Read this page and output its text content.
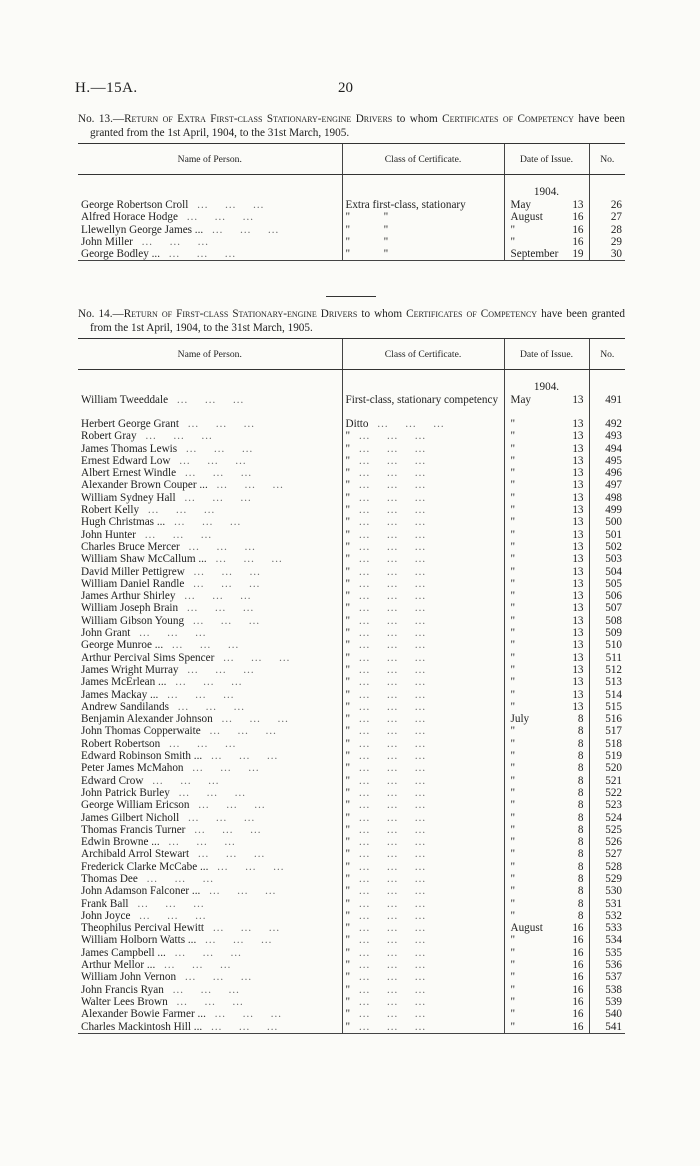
H.—15A.	20
No. 13.—Return of Extra First-class Stationary-engine Drivers to whom Certificates of Competency have been granted from the 1st April, 1904, to the 31st March, 1905.
Name of Person.	Class of Certificate.	Date of Issue.	No.

		1904.	
George Robertson Croll   …      …      …	Extra first-class, stationary	May 13	26
Alfred Horace Hodge   …      …      …	"   "	August 16	27
Llewellyn George James ...   …      …      …	"   "	" 16	28
John Miller   …      …      …	"   "	" 16	29
George Bodley ...   …      …      …	"   "	September 19	30
No. 14.—Return of First-class Stationary-engine Drivers to whom Certificates of Competency have been granted from the 1st April, 1904, to the 31st March, 1905.
Name of Person.	Class of Certificate.	Date of Issue.	No.

		1904.	
William Tweeddale   …      …      …	First-class, stationary competency	May 13	491
Herbert George Grant   …      …      …	Ditto   …      …      …	" 13	492
Robert Gray   …      …      …	"   …      …      …	" 13	493
James Thomas Lewis   …      …      …	"   …      …      …	" 13	494
Ernest Edward Low   …      …      …	"   …      …      …	" 13	495
Albert Ernest Windle   …      …      …	"   …      …      …	" 13	496
Alexander Brown Couper ...   …      …      …	"   …      …      …	" 13	497
William Sydney Hall   …      …      …	"   …      …      …	" 13	498
Robert Kelly   …      …      …	"   …      …      …	" 13	499
Hugh Christmas ...   …      …      …	"   …      …      …	" 13	500
John Hunter   …      …      …	"   …      …      …	" 13	501
Charles Bruce Mercer   …      …      …	"   …      …      …	" 13	502
William Shaw McCallum ...   …      …      …	"   …      …      …	" 13	503
David Miller Pettigrew   …      …      …	"   …      …      …	" 13	504
William Daniel Randle   …      …      …	"   …      …      …	" 13	505
James Arthur Shirley   …      …      …	"   …      …      …	" 13	506
William Joseph Brain   …      …      …	"   …      …      …	" 13	507
William Gibson Young   …      …      …	"   …      …      …	" 13	508
John Grant   …      …      …	"   …      …      …	" 13	509
George Munroe ...   …      …      …	"   …      …      …	" 13	510
Arthur Percival Sims Spencer   …      …      …	"   …      …      …	" 13	511
James Wright Murray   …      …      …	"   …      …      …	" 13	512
James McErlean ...   …      …      …	"   …      …      …	" 13	513
James Mackay ...   …      …      …	"   …      …      …	" 13	514
Andrew Sandilands   …      …      …	"   …      …      …	" 13	515
Benjamin Alexander Johnson   …      …      …	"   …      …      …	July 8	516
John Thomas Copperwaite   …      …      …	"   …      …      …	" 8	517
Robert Robertson   …      …      …	"   …      …      …	" 8	518
Edward Robinson Smith ...   …      …      …	"   …      …      …	" 8	519
Peter James McMahon   …      …      …	"   …      …      …	" 8	520
Edward Crow   …      …      …	"   …      …      …	" 8	521
John Patrick Burley   …      …      …	"   …      …      …	" 8	522
George William Ericson   …      …      …	"   …      …      …	" 8	523
James Gilbert Nicholl   …      …      …	"   …      …      …	" 8	524
Thomas Francis Turner   …      …      …	"   …      …      …	" 8	525
Edwin Browne ...   …      …      …	"   …      …      …	" 8	526
Archibald Arrol Stewart   …      …      …	"   …      …      …	" 8	527
Frederick Clarke McCabe ...   …      …      …	"   …      …      …	" 8	528
Thomas Dee   …      …      …	"   …      …      …	" 8	529
John Adamson Falconer ...   …      …      …	"   …      …      …	" 8	530
Frank Ball   …      …      …	"   …      …      …	" 8	531
John Joyce   …      …      …	"   …      …      …	" 8	532
Theophilus Percival Hewitt   …      …      …	"   …      …      …	August 16	533
William Holborn Watts ...   …      …      …	"   …      …      …	" 16	534
James Campbell ...   …      …      …	"   …      …      …	" 16	535
Arthur Mellor ...   …      …      …	"   …      …      …	" 16	536
William John Vernon   …      …      …	"   …      …      …	" 16	537
John Francis Ryan   …      …      …	"   …      …      …	" 16	538
Walter Lees Brown   …      …      …	"   …      …      …	" 16	539
Alexander Bowie Farmer ...   …      …      …	"   …      …      …	" 16	540
Charles Mackintosh Hill ...   …      …      …	"   …      …      …	" 16	541
